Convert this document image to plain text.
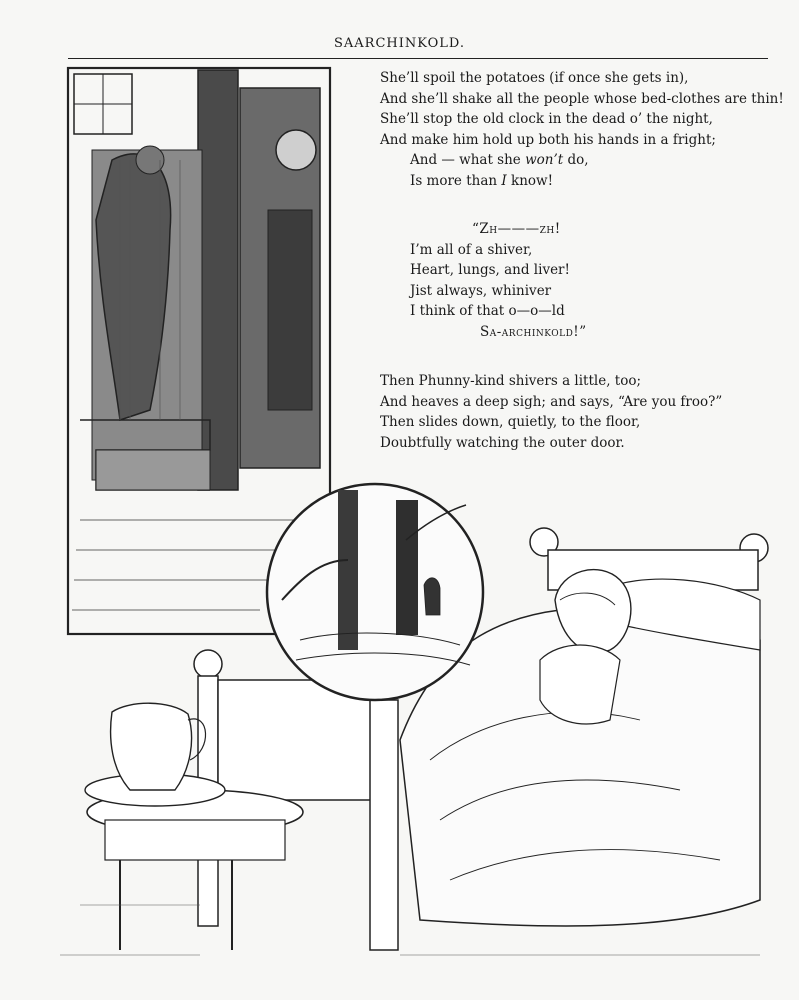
SAARCHINKOLD.
She’ll spoil the potatoes (if once she gets in),
And she’ll shake all the people whose bed-clothes are thin!
She’ll stop the old clock in the dead o’ the night,
And make him hold up both his hands in a fright;
And — what she won’t do,
Is more than I know!
“Zh———zh!
I’m all of a shiver,
Heart, lungs, and liver!
Jist always, whiniver
I think of that o—o—ld
Sa-archinkold!”
Then Phunny-kind shivers a little, too;
And heaves a deep sigh; and says, “Are you froo?”
Then slides down, quietly, to the floor,
Doubtfully watching the outer door.
